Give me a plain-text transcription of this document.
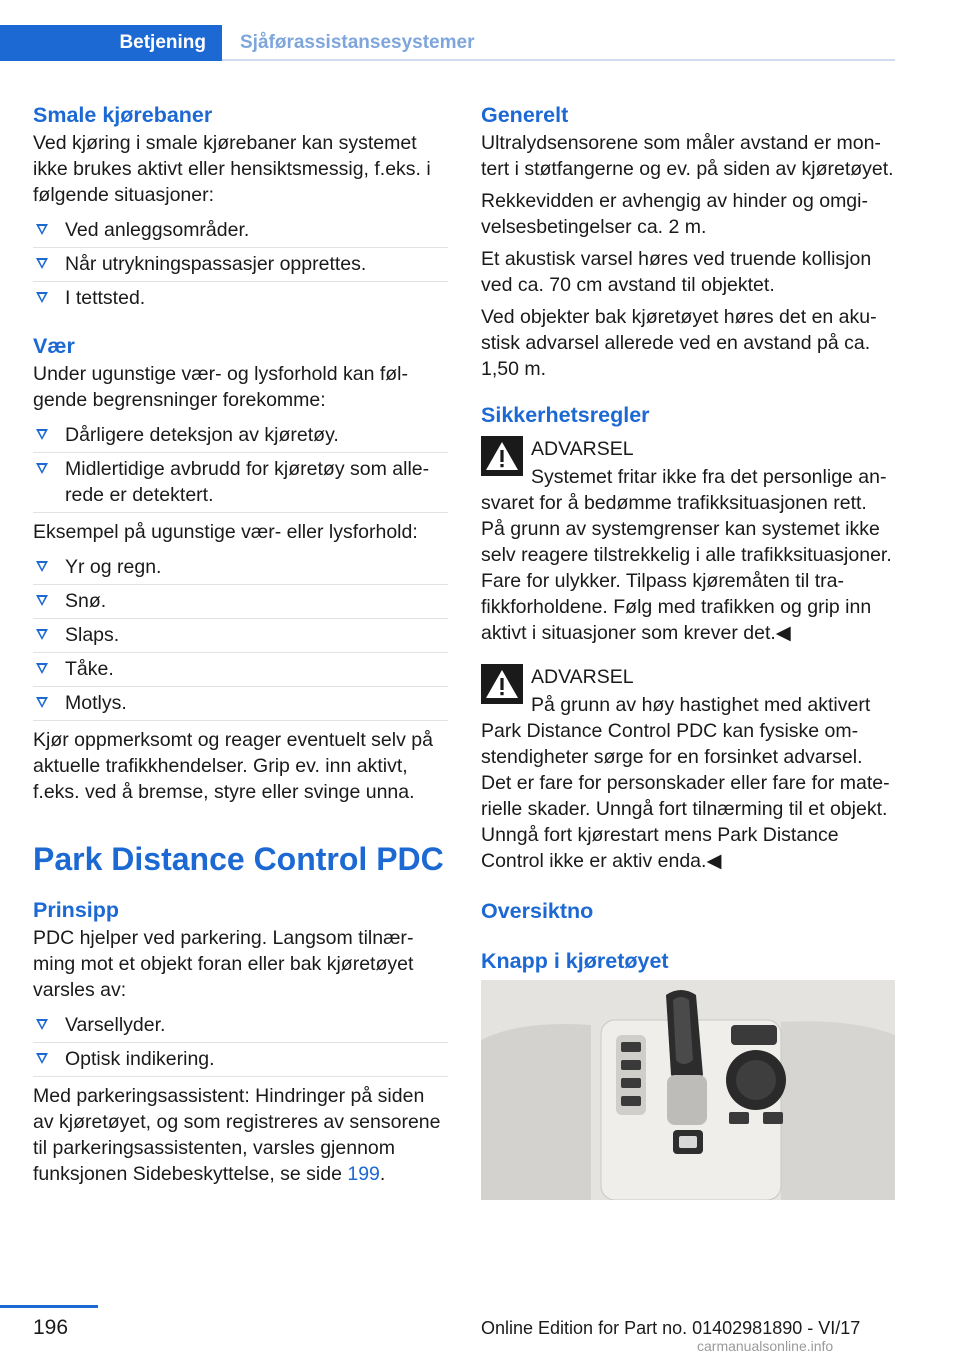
Betjening Sjåførassistansesystemer
Smale kjørebaner

Ved kjøring i smale kjørebaner kan systemet ikke brukes aktivt eller hensiktsmessig, f.eks. i følgende situasjoner:

Ved anleggsområder.
Når utrykningspassasjer opprettes.
I tettsted.
Vær

Under ugunstige vær- og lysforhold kan følgende begrensninger forekomme:

Dårligere deteksjon av kjøretøy.
Midlertidige avbrudd for kjøretøy som allerede er detektert.

Eksempel på ugunstige vær- eller lysforhold:

Yr og regn.
Snø.
Slaps.
Tåke.
Motlys.

Kjør oppmerksomt og reager eventuelt selv på aktuelle trafikkhendelser. Grip ev. inn aktivt, f.eks. ved å bremse, styre eller svinge unna.

Park Distance Control PDC
Prinsipp

PDC hjelper ved parkering. Langsom tilnærming mot et objekt foran eller bak kjøretøyet varsles av:

Varsellyder.
Optisk indikering.

Med parkeringsassistent: Hindringer på siden av kjøretøyet, og som registreres av sensorene til parkeringsassistenten, varsles gjennom funksjonen Sidebeskyttelse, se side 199.

Generelt

Ultralydsensorene som måler avstand er montert i støtfangerne og ev. på siden av kjøretøyet.

Rekkevidden er avhengig av hinder og omgivelsesbetingelser ca. 2 m.

Et akustisk varsel høres ved truende kollisjon ved ca. 70 cm avstand til objektet.

Ved objekter bak kjøretøyet høres det en akustisk advarsel allerede ved en avstand på ca. 1,50 m.

Sikkerhetsregler
ADVARSEL
Systemet fritar ikke fra det personlige ansvaret for å bedømme trafikksituasjonen rett. På grunn av systemgrenser kan systemet ikke selv reagere tilstrekkelig i alle trafikksituasjoner. Fare for ulykker. Tilpass kjøremåten til trafikkforholdene. Følg med trafikken og grip inn aktivt i situasjoner som krever det.◀
ADVARSEL
På grunn av høy hastighet med aktivert Park Distance Control PDC kan fysiske omstendigheter sørge for en forsinket advarsel. Det er fare for personskader eller fare for materielle skader. Unngå fort tilnærming til et objekt. Unngå fort kjørestart mens Park Distance Control ikke er aktiv enda.◀
Oversiktno
Knapp i kjøretøyet
196	Online Edition for Part no. 01402981890 - VI/17
carmanualsonline.info
